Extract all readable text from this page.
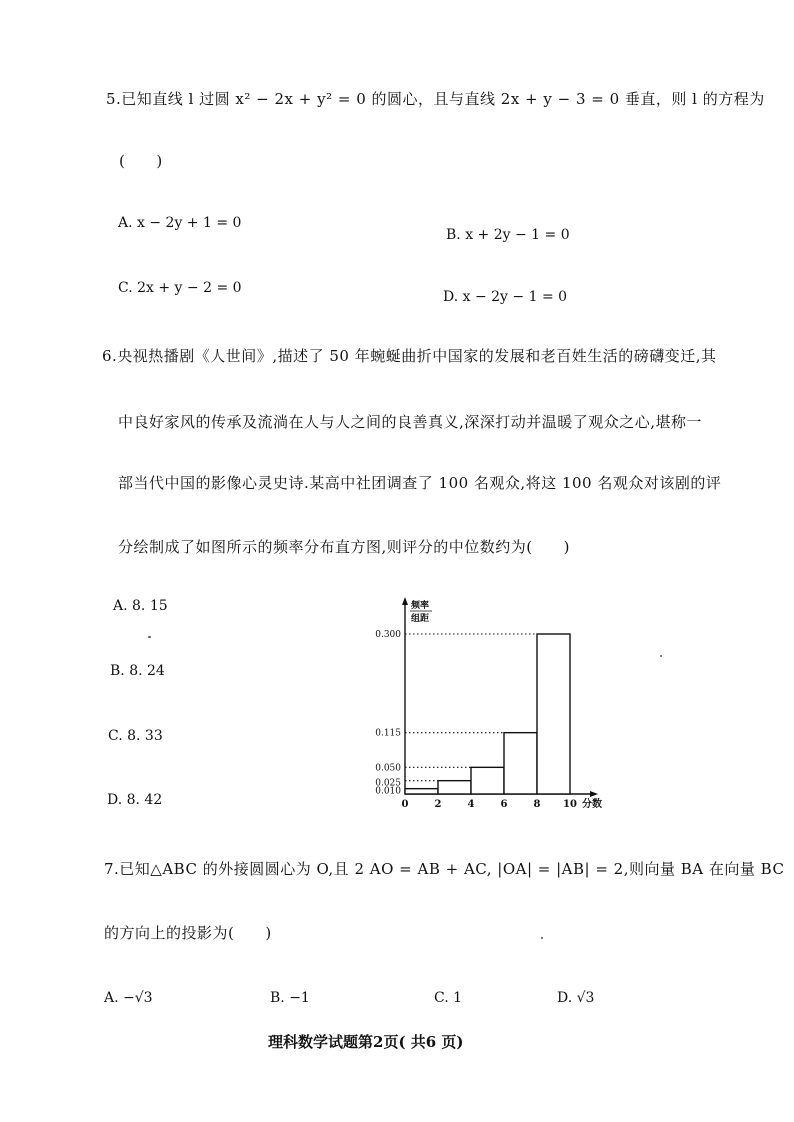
5.已知直线 l 过圆 x² − 2x + y² = 0 的圆心，且与直线 2x + y − 3 = 0 垂直，则 l 的方程为
(　　)
A. x − 2y + 1 = 0
B. x + 2y − 1 = 0
C. 2x + y − 2 = 0
D. x − 2y − 1 = 0
6.央视热播剧《人世间》,描述了 50 年蜿蜒曲折中国家的发展和老百姓生活的磅礴变迁,其
中良好家风的传承及流淌在人与人之间的良善真义,深深打动并温暖了观众之心,堪称一
部当代中国的影像心灵史诗.某高中社团调查了 100 名观众,将这 100 名观众对该剧的评
分绘制成了如图所示的频率分布直方图,则评分的中位数约为(　　)
A. 8. 15
B. 8. 24
C. 8. 33
D. 8. 42
0.010
0.025
0.050
0.115
0.300
0	2	4	6	8 10
频率
组距
分数
7.已知△ABC 的外接圆圆心为 O,且 2 AO = AB + AC, |OA| = |AB| = 2,则向量 BA 在向量 BC
的方向上的投影为(　　)
A. −√3	B. −1	C. 1	D. √3
理科数学试题第2页( 共6 页)
